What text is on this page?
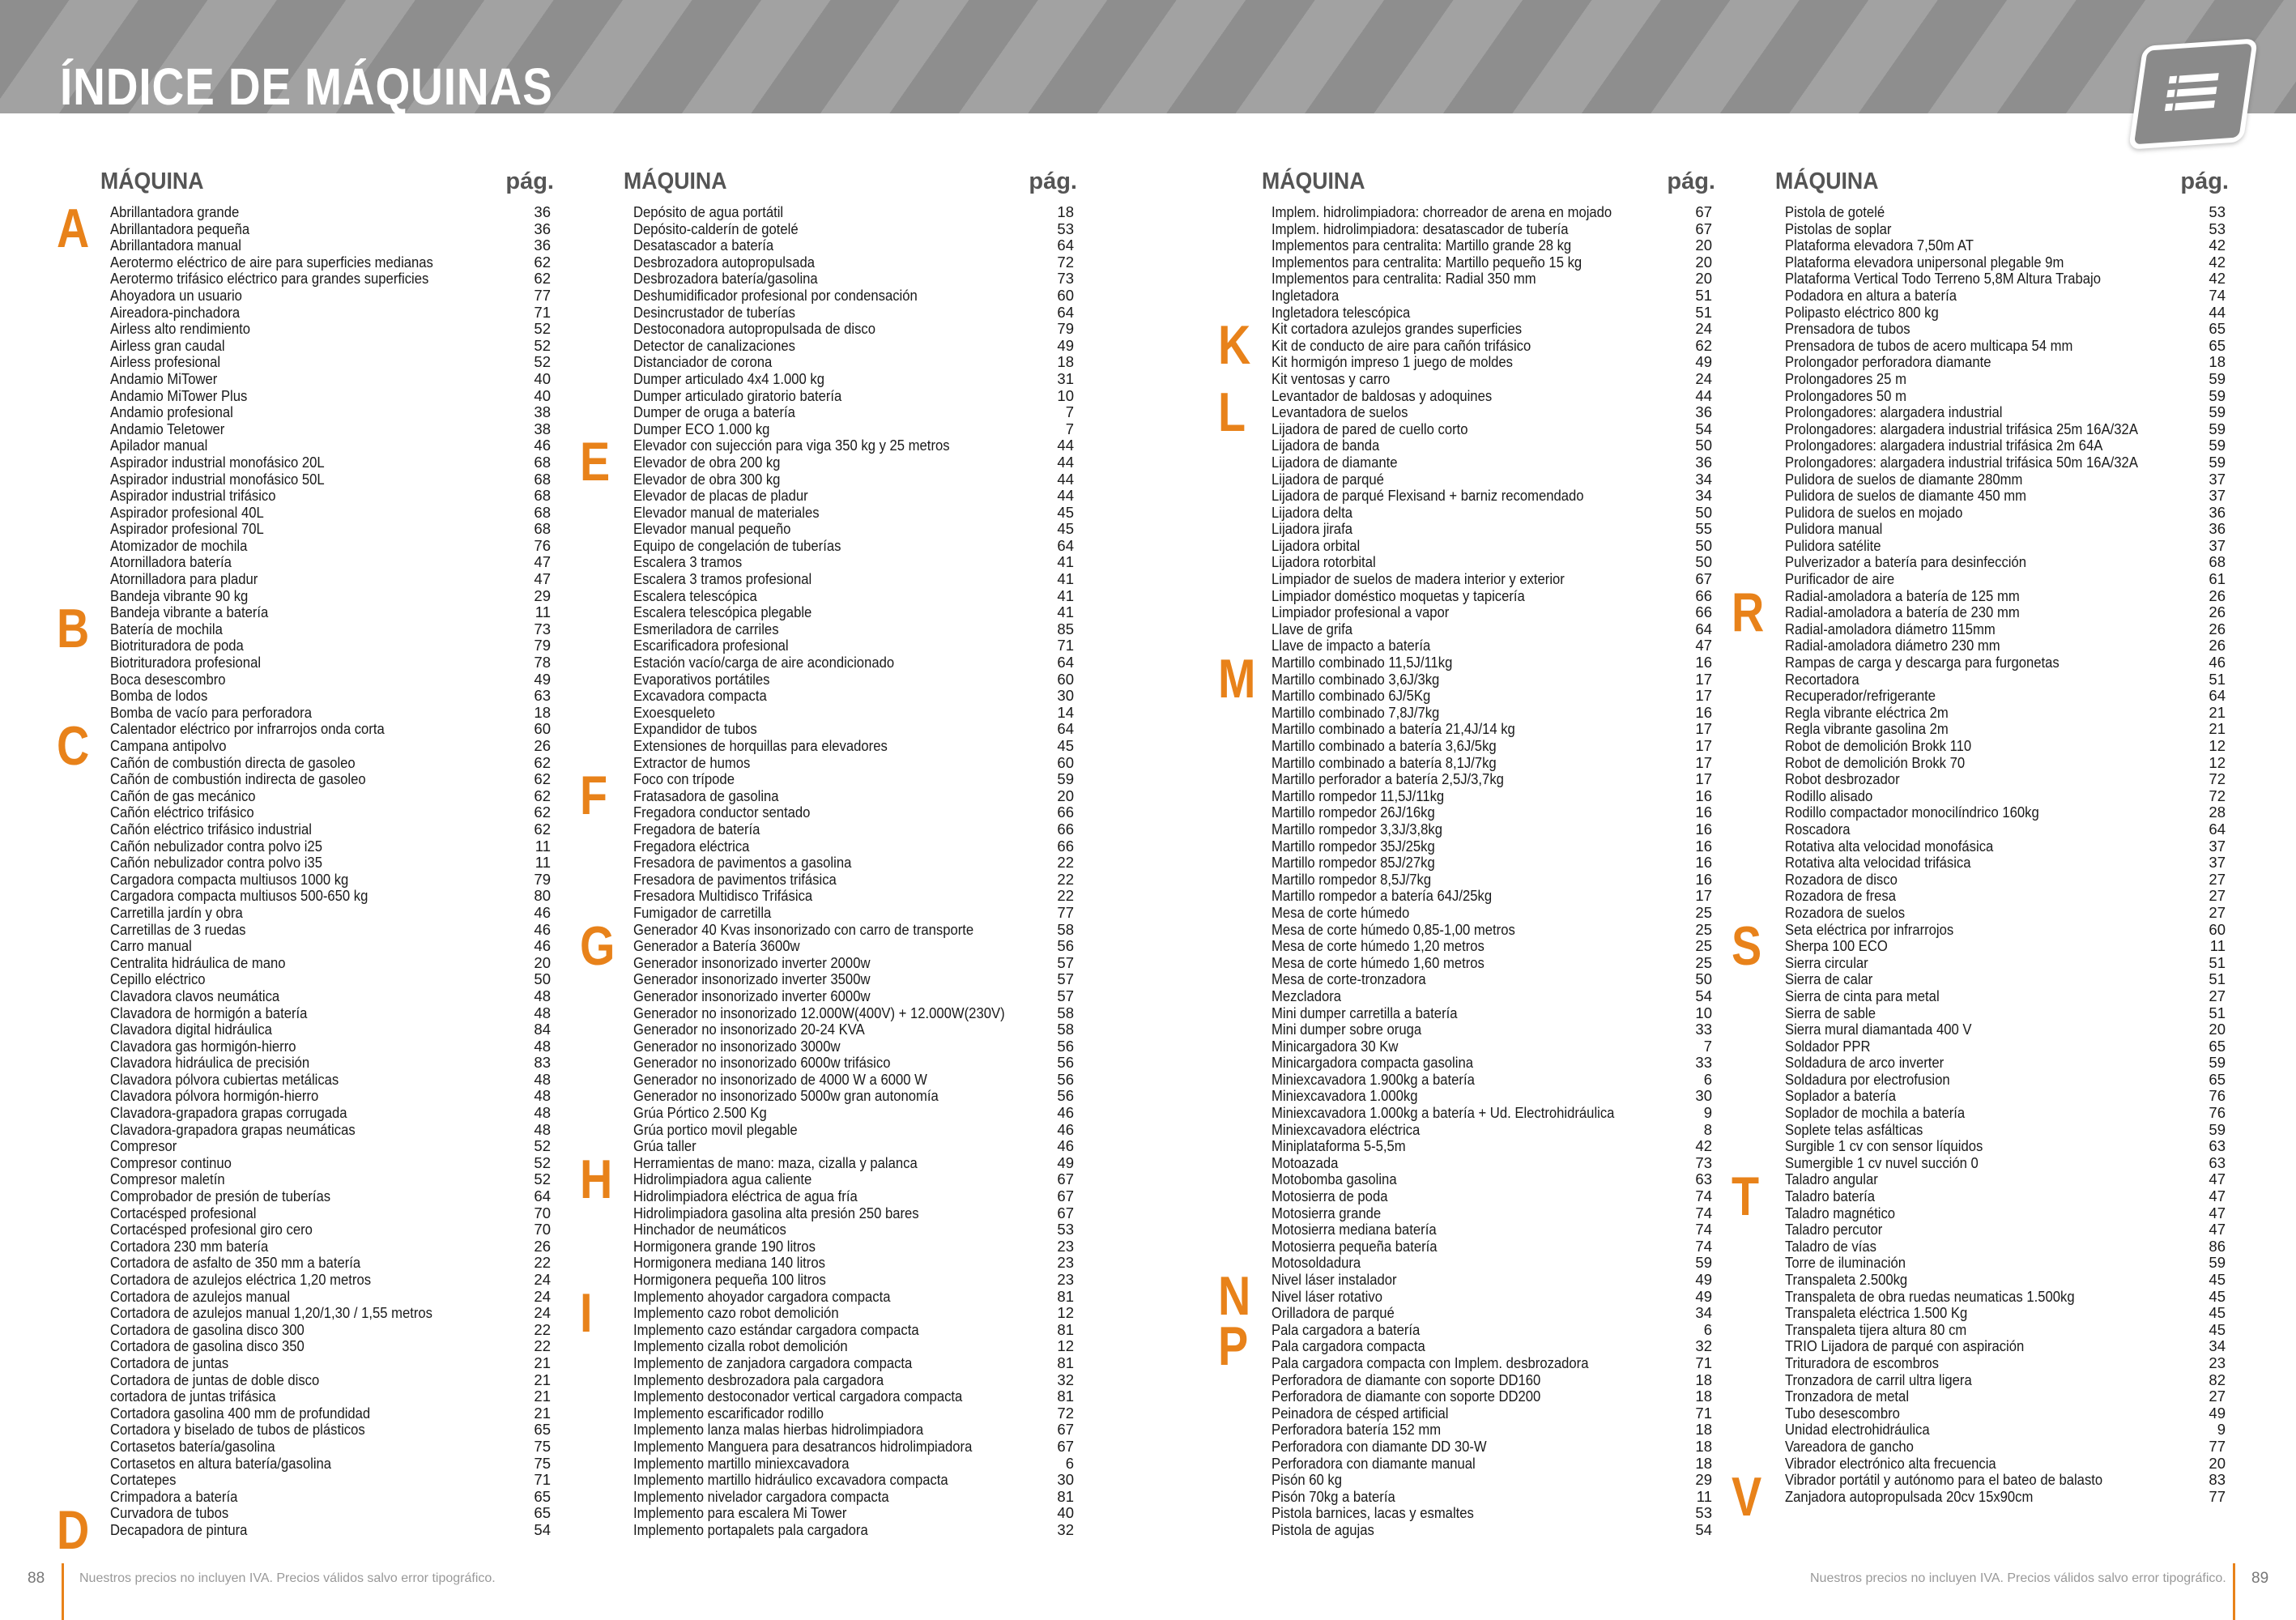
ÍNDICE DE MÁQUINAS
MÁQUINA	pág.
Abrillantadora grande	36
Abrillantadora pequeña	36
Abrillantadora manual	36
Aerotermo eléctrico de aire para superficies medianas	62
Aerotermo trifásico eléctrico para grandes superficies	62
Ahoyadora un usuario	77
Aireadora-pinchadora	71
Airless alto rendimiento	52
Airless gran caudal	52
Airless profesional	52
Andamio MiTower	40
Andamio MiTower Plus	40
Andamio profesional	38
Andamio Teletower	38
Apilador manual	46
Aspirador industrial monofásico 20L	68
Aspirador industrial monofásico 50L	68
Aspirador industrial trifásico	68
Aspirador profesional 40L	68
Aspirador profesional 70L	68
Atomizador de mochila	76
Atornilladora batería	47
Atornilladora para pladur	47
Bandeja vibrante 90 kg	29
Bandeja vibrante a batería	11
Batería de mochila	73
Biotrituradora de poda	79
Biotrituradora profesional	78
Boca desescombro	49
Bomba de lodos	63
Bomba de vacío para perforadora	18
Calentador eléctrico por infrarrojos onda corta	60
Campana antipolvo	26
Cañón de combustión directa de gasoleo	62
Cañón de combustión indirecta de gasoleo	62
Cañón de gas mecánico	62
Cañón eléctrico trifásico	62
Cañón eléctrico trifásico industrial	62
Cañón nebulizador contra polvo i25	11
Cañón nebulizador contra polvo i35	11
Cargadora compacta multiusos 1000 kg	79
Cargadora compacta multiusos 500-650 kg	80
Carretilla jardín y obra	46
Carretillas de 3 ruedas	46
Carro manual	46
Centralita hidráulica de mano	20
Cepillo eléctrico	50
Clavadora clavos neumática	48
Clavadora de hormigón a batería	48
Clavadora digital hidráulica	84
Clavadora gas hormigón-hierro	48
Clavadora hidráulica de precisión	83
Clavadora pólvora cubiertas metálicas	48
Clavadora pólvora hormigón-hierro	48
Clavadora-grapadora grapas corrugada	48
Clavadora-grapadora grapas neumáticas	48
Compresor	52
Compresor continuo	52
Compresor maletín	52
Comprobador de presión de tuberías	64
Cortacésped profesional	70
Cortacésped profesional giro cero	70
Cortadora 230 mm batería	26
Cortadora de asfalto de 350 mm a batería	22
Cortadora de azulejos eléctrica 1,20 metros	24
Cortadora de azulejos manual	24
Cortadora de azulejos manual 1,20/1,30 / 1,55 metros	24
Cortadora de gasolina disco 300	22
Cortadora de gasolina disco 350	22
Cortadora de juntas	21
Cortadora de juntas de doble disco	21
cortadora de juntas trifásica	21
Cortadora gasolina 400 mm de profundidad	21
Cortadora y biselado de tubos de plásticos	65
Cortasetos batería/gasolina	75
Cortasetos en altura batería/gasolina	75
Cortatepes	71
Crimpadora a batería	65
Curvadora de tubos	65
Decapadora de pintura	54
A
B
C
D
MÁQUINA	pág.
Depósito de agua portátil	18
Depósito-calderín de gotelé	53
Desatascador a batería	64
Desbrozadora autopropulsada	72
Desbrozadora batería/gasolina	73
Deshumidificador profesional por condensación	60
Desincrustador de tuberías	64
Destoconadora autopropulsada de disco	79
Detector de canalizaciones	49
Distanciador de corona	18
Dumper articulado 4x4 1.000 kg	31
Dumper articulado giratorio batería	10
Dumper de oruga a batería	7
Dumper ECO 1.000 kg	7
Elevador con sujección para viga 350 kg y 25 metros	44
Elevador de obra 200 kg	44
Elevador de obra 300 kg	44
Elevador de placas de pladur	44
Elevador manual de materiales	45
Elevador manual pequeño	45
Equipo de congelación de tuberías	64
Escalera 3 tramos	41
Escalera 3 tramos profesional	41
Escalera telescópica	41
Escalera telescópica plegable	41
Esmeriladora de carriles	85
Escarificadora profesional	71
Estación vacío/carga de aire acondicionado	64
Evaporativos portátiles	60
Excavadora compacta	30
Exoesqueleto	14
Expandidor de tubos	64
Extensiones de horquillas para elevadores	45
Extractor de humos	60
Foco con trípode	59
Fratasadora de gasolina	20
Fregadora conductor sentado	66
Fregadora de batería	66
Fregadora eléctrica	66
Fresadora de pavimentos a gasolina	22
Fresadora de pavimentos trifásica	22
Fresadora Multidisco Trifásica	22
Fumigador de carretilla	77
Generador 40 Kvas insonorizado con carro de transporte	58
Generador a Batería 3600w	56
Generador insonorizado inverter 2000w	57
Generador insonorizado inverter 3500w	57
Generador insonorizado inverter 6000w	57
Generador no insonorizado 12.000W(400V) + 12.000W(230V)	58
Generador no insonorizado 20-24 KVA	58
Generador no insonorizado 3000w	56
Generador no insonorizado 6000w trifásico	56
Generador no insonorizado de 4000 W a 6000 W	56
Generador no insonorizado 5000w gran autonomía	56
Grúa Pórtico 2.500 Kg	46
Grúa portico movil plegable	46
Grúa taller	46
Herramientas de mano: maza, cizalla y palanca	49
Hidrolimpiadora agua caliente	67
Hidrolimpiadora eléctrica de agua fría	67
Hidrolimpiadora gasolina alta presión 250 bares	67
Hinchador de neumáticos	53
Hormigonera grande 190 litros	23
Hormigonera mediana 140 litros	23
Hormigonera pequeña 100 litros	23
Implemento ahoyador cargadora compacta	81
Implemento cazo robot demolición	12
Implemento cazo estándar cargadora compacta	81
Implemento cizalla robot demolición	12
Implemento de zanjadora cargadora compacta	81
Implemento desbrozadora pala cargadora	32
Implemento destoconador vertical cargadora compacta	81
Implemento escarificador rodillo	72
Implemento lanza malas hierbas hidrolimpiadora	67
Implemento Manguera para desatrancos hidrolimpiadora	67
Implemento martillo miniexcavadora	6
Implemento martillo hidráulico excavadora compacta	30
Implemento nivelador cargadora compacta	81
Implemento para escalera Mi Tower	40
Implemento portapalets pala cargadora	32
E
F
G
H
I
MÁQUINA	pág.
Implem. hidrolimpiadora: chorreador de arena en mojado	67
Implem. hidrolimpiadora: desatascador de tubería	67
Implementos para centralita: Martillo grande 28 kg	20
Implementos para centralita: Martillo pequeño 15 kg	20
Implementos para centralita: Radial 350 mm	20
Ingletadora	51
Ingletadora telescópica	51
Kit cortadora azulejos grandes superficies	24
Kit de conducto de aire para cañón trifásico	62
Kit hormigón impreso 1 juego de moldes	49
Kit ventosas y carro	24
Levantador de baldosas y adoquines	44
Levantadora de suelos	36
Lijadora de pared de cuello corto	54
Lijadora de banda	50
Lijadora de diamante	36
Lijadora de parqué	34
Lijadora de parqué Flexisand + barniz recomendado	34
Lijadora delta	50
Lijadora jirafa	55
Lijadora orbital	50
Lijadora rotorbital	50
Limpiador de suelos de madera interior y exterior	67
Limpiador doméstico moquetas y tapicería	66
Limpiador profesional a vapor	66
Llave de grifa	64
Llave de impacto a batería	47
Martillo combinado 11,5J/11kg	16
Martillo combinado 3,6J/3kg	17
Martillo combinado 6J/5Kg	17
Martillo combinado 7,8J/7kg	16
Martillo combinado a batería 21,4J/14 kg	17
Martillo combinado a batería 3,6J/5kg	17
Martillo combinado a batería 8,1J/7kg	17
Martillo perforador a batería 2,5J/3,7kg	17
Martillo rompedor 11,5J/11kg	16
Martillo rompedor 26J/16kg	16
Martillo rompedor 3,3J/3,8kg	16
Martillo rompedor 35J/25kg	16
Martillo rompedor 85J/27kg	16
Martillo rompedor 8,5J/7kg	16
Martillo rompedor a batería 64J/25kg	17
Mesa de corte húmedo	25
Mesa de corte húmedo 0,85-1,00 metros	25
Mesa de corte húmedo 1,20 metros	25
Mesa de corte húmedo 1,60 metros	25
Mesa de corte-tronzadora	50
Mezcladora	54
Mini dumper carretilla a batería	10
Mini dumper sobre oruga	33
Minicargadora 30 Kw	7
Minicargadora compacta gasolina	33
Miniexcavadora 1.900kg a batería	6
Miniexcavadora 1.000kg	30
Miniexcavadora 1.000kg a batería + Ud. Electrohidráulica	9
Miniexcavadora eléctrica	8
Miniplataforma 5-5,5m	42
Motoazada	73
Motobomba gasolina	63
Motosierra de poda	74
Motosierra grande	74
Motosierra mediana batería	74
Motosierra pequeña batería	74
Motosoldadura	59
Nivel láser instalador	49
Nivel láser rotativo	49
Orilladora de parqué	34
Pala cargadora a batería	6
Pala cargadora compacta	32
Pala cargadora compacta con Implem. desbrozadora	71
Perforadora de diamante con soporte DD160	18
Perforadora de diamante con soporte DD200	18
Peinadora de césped artificial	71
Perforadora batería 152 mm	18
Perforadora con diamante DD 30-W	18
Perforadora con diamante manual	18
Pisón 60 kg	29
Pisón 70kg a batería	11
Pistola barnices, lacas y esmaltes	53
Pistola de agujas	54
K
L
M
N
P
MÁQUINA	pág.
Pistola de gotelé	53
Pistolas de soplar	53
Plataforma elevadora 7,50m AT	42
Plataforma elevadora unipersonal plegable 9m	42
Plataforma Vertical Todo Terreno 5,8M Altura Trabajo	42
Podadora en altura a batería	74
Polipasto eléctrico 800 kg	44
Prensadora de tubos	65
Prensadora de tubos de acero multicapa 54 mm	65
Prolongador perforadora diamante	18
Prolongadores 25 m	59
Prolongadores 50 m	59
Prolongadores: alargadera industrial	59
Prolongadores: alargadera industrial trifásica 25m 16A/32A	59
Prolongadores: alargadera industrial trifásica 2m 64A	59
Prolongadores: alargadera industrial trifásica 50m 16A/32A	59
Pulidora de suelos de diamante 280mm	37
Pulidora de suelos de diamante 450 mm	37
Pulidora de suelos en mojado	36
Pulidora manual	36
Pulidora satélite	37
Pulverizador a batería para desinfección	68
Purificador de aire	61
Radial-amoladora a batería de 125 mm	26
Radial-amoladora a batería de 230 mm	26
Radial-amoladora diámetro 115mm	26
Radial-amoladora diámetro 230 mm	26
Rampas de carga y descarga para furgonetas	46
Recortadora	51
Recuperador/refrigerante	64
Regla vibrante eléctrica 2m	21
Regla vibrante gasolina 2m	21
Robot de demolición Brokk 110	12
Robot de demolición Brokk 70	12
Robot desbrozador	72
Rodillo alisado	72
Rodillo compactador monocilíndrico 160kg	28
Roscadora	64
Rotativa alta velocidad monofásica	37
Rotativa alta velocidad trifásica	37
Rozadora de disco	27
Rozadora de fresa	27
Rozadora de suelos	27
Seta eléctrica por infrarrojos	60
Sherpa 100 ECO	11
Sierra circular	51
Sierra de calar	51
Sierra de cinta para metal	27
Sierra de sable	51
Sierra mural diamantada 400 V	20
Soldador PPR	65
Soldadura de arco inverter	59
Soldadura por electrofusion	65
Soplador a batería	76
Soplador de mochila a batería	76
Soplete telas asfálticas	59
Surgible 1 cv con sensor líquidos	63
Sumergible 1 cv nuvel succión 0	63
Taladro angular	47
Taladro batería	47
Taladro magnético	47
Taladro percutor	47
Taladro de vías	86
Torre de iluminación	59
Transpaleta 2.500kg	45
Transpaleta de obra ruedas neumaticas 1.500kg	45
Transpaleta eléctrica 1.500 Kg	45
Transpaleta tijera altura 80 cm	45
TRIO Lijadora de parqué con aspiración	34
Trituradora de escombros	23
Tronzadora de carril ultra ligera	82
Tronzadora de metal	27
Tubo desescombro	49
Unidad electrohidráulica	9
Vareadora de gancho	77
Vibrador electrónico alta frecuencia	20
Vibrador portátil y autónomo para el bateo de balasto	83
Zanjadora autopropulsada 20cv 15x90cm	77
R
S
T
V
88	Nuestros precios no incluyen IVA. Precios válidos salvo error tipográfico.	Nuestros precios no incluyen IVA. Precios válidos salvo error tipográfico. 89
